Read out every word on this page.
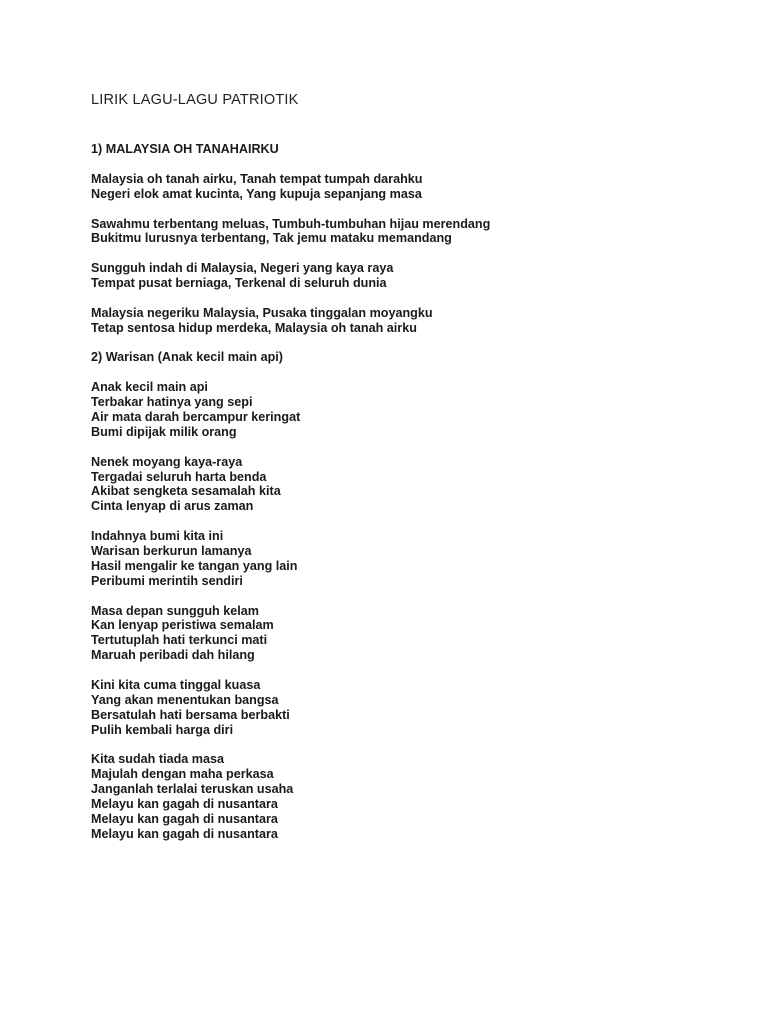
LIRIK LAGU-LAGU PATRIOTIK
1) MALAYSIA OH TANAHAIRKU
Malaysia oh tanah airku, Tanah tempat tumpah darahku
Negeri elok amat kucinta, Yang kupuja sepanjang masa
Sawahmu terbentang meluas, Tumbuh-tumbuhan hijau merendang
Bukitmu lurusnya terbentang, Tak jemu mataku memandang
Sungguh indah di Malaysia, Negeri yang kaya raya
Tempat pusat berniaga, Terkenal di seluruh dunia
Malaysia negeriku Malaysia, Pusaka tinggalan moyangku
Tetap sentosa hidup merdeka, Malaysia oh tanah airku
2) Warisan (Anak kecil main api)
Anak kecil main api
Terbakar hatinya yang sepi
Air mata darah bercampur keringat
Bumi dipijak milik orang
Nenek moyang kaya-raya
Tergadai seluruh harta benda
Akibat sengketa sesamalah kita
Cinta lenyap di arus zaman
Indahnya bumi kita ini
Warisan berkurun lamanya
Hasil mengalir ke tangan yang lain
Peribumi merintih sendiri
Masa depan sungguh kelam
Kan lenyap peristiwa semalam
Tertutuplah hati terkunci mati
Maruah peribadi dah hilang
Kini kita cuma tinggal kuasa
Yang akan menentukan bangsa
Bersatulah hati bersama berbakti
Pulih kembali harga diri
Kita sudah tiada masa
Majulah dengan maha perkasa
Janganlah terlalai teruskan usaha
Melayu kan gagah di nusantara
Melayu kan gagah di nusantara
Melayu kan gagah di nusantara
